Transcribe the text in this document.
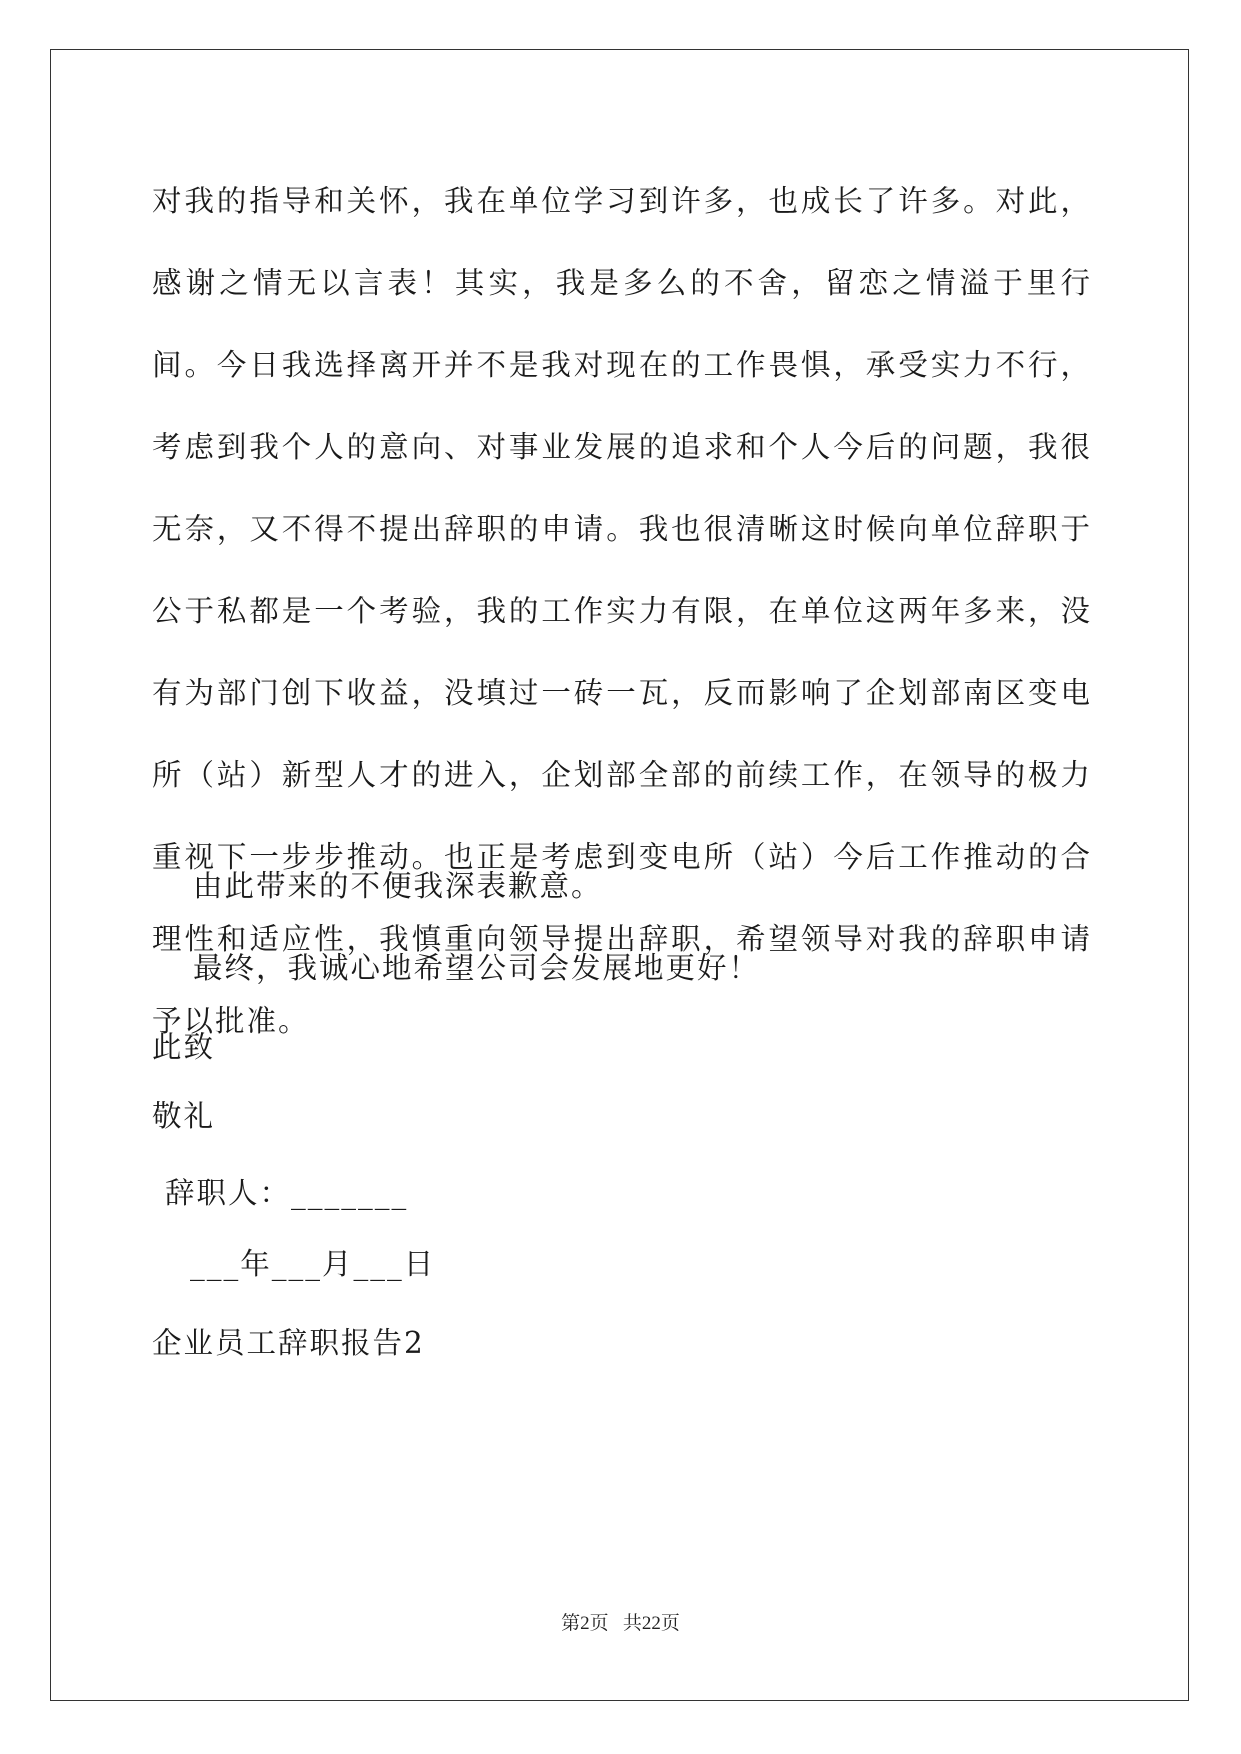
对我的指导和关怀，我在单位学习到许多，也成长了许多。对此，感谢之情无以言表！其实，我是多么的不舍，留恋之情溢于里行间。今日我选择离开并不是我对现在的工作畏惧，承受实力不行，考虑到我个人的意向、对事业发展的追求和个人今后的问题，我很无奈，又不得不提出辞职的申请。我也很清晰这时候向单位辞职于公于私都是一个考验，我的工作实力有限，在单位这两年多来，没有为部门创下收益，没填过一砖一瓦，反而影响了企划部南区变电所（站）新型人才的进入，企划部全部的前续工作，在领导的极力重视下一步步推动。也正是考虑到变电所（站）今后工作推动的合理性和适应性，我慎重向领导提出辞职，希望领导对我的辞职申请予以批准。

由此带来的不便我深表歉意。

最终，我诚心地希望公司会发展地更好！

此致

敬礼

辞职人：_______

___年___月___日

企业员工辞职报告2

第2页   共22页
